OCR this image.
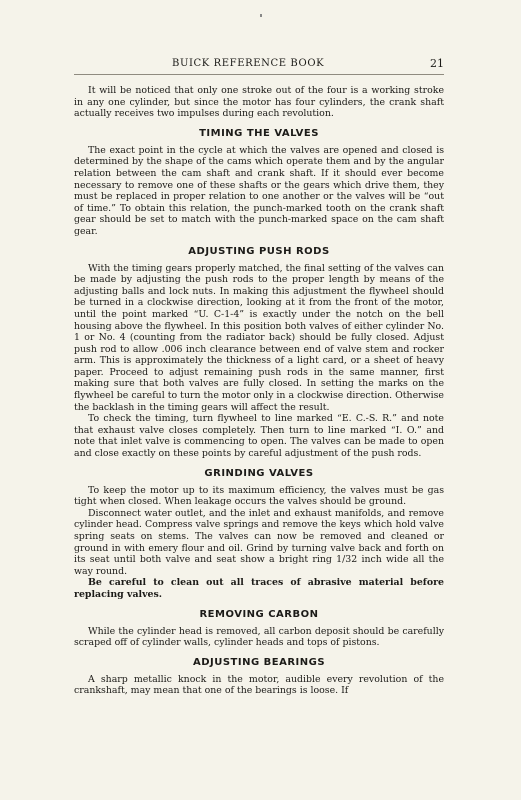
BUICK REFERENCE BOOK	21

It will be noticed that only one stroke out of the four is a working stroke in any one cylinder, but since the motor has four cylinders, the crank shaft actually receives two impulses during each revolution.

TIMING THE VALVES

The exact point in the cycle at which the valves are opened and closed is determined by the shape of the cams which operate them and by the angular relation between the cam shaft and crank shaft. If it should ever become necessary to remove one of these shafts or the gears which drive them, they must be replaced in proper relation to one another or the valves will be “out of time.” To obtain this relation, the punch-marked tooth on the crank shaft gear should be set to match with the punch-marked space on the cam shaft gear.

ADJUSTING PUSH RODS

With the timing gears properly matched, the final setting of the valves can be made by adjusting the push rods to the proper length by means of the adjusting balls and lock nuts. In making this adjustment the flywheel should be turned in a clockwise direction, looking at it from the front of the motor, until the point marked “U. C-1-4” is exactly under the notch on the bell housing above the flywheel. In this position both valves of either cylinder No. 1 or No. 4 (counting from the radiator back) should be fully closed. Adjust push rod to allow .006 inch clearance between end of valve stem and rocker arm. This is approximately the thickness of a light card, or a sheet of heavy paper. Proceed to adjust remaining push rods in the same manner, first making sure that both valves are fully closed. In setting the marks on the flywheel be careful to turn the motor only in a clockwise direction. Otherwise the backlash in the timing gears will affect the result.

To check the timing, turn flywheel to line marked “E. C.-S. R.” and note that exhaust valve closes completely. Then turn to line marked “I. O.” and note that inlet valve is commencing to open. The valves can be made to open and close exactly on these points by careful adjustment of the push rods.

GRINDING VALVES

To keep the motor up to its maximum efficiency, the valves must be gas tight when closed. When leakage occurs the valves should be ground.

Disconnect water outlet, and the inlet and exhaust manifolds, and remove cylinder head. Compress valve springs and remove the keys which hold valve spring seats on stems. The valves can now be removed and cleaned or ground in with emery flour and oil. Grind by turning valve back and forth on its seat until both valve and seat show a bright ring 1/32 inch wide all the way round.

Be careful to clean out all traces of abrasive material before replacing valves.

REMOVING CARBON

While the cylinder head is removed, all carbon deposit should be carefully scraped off of cylinder walls, cylinder heads and tops of pistons.

ADJUSTING BEARINGS

A sharp metallic knock in the motor, audible every revolution of the crankshaft, may mean that one of the bearings is loose. If
